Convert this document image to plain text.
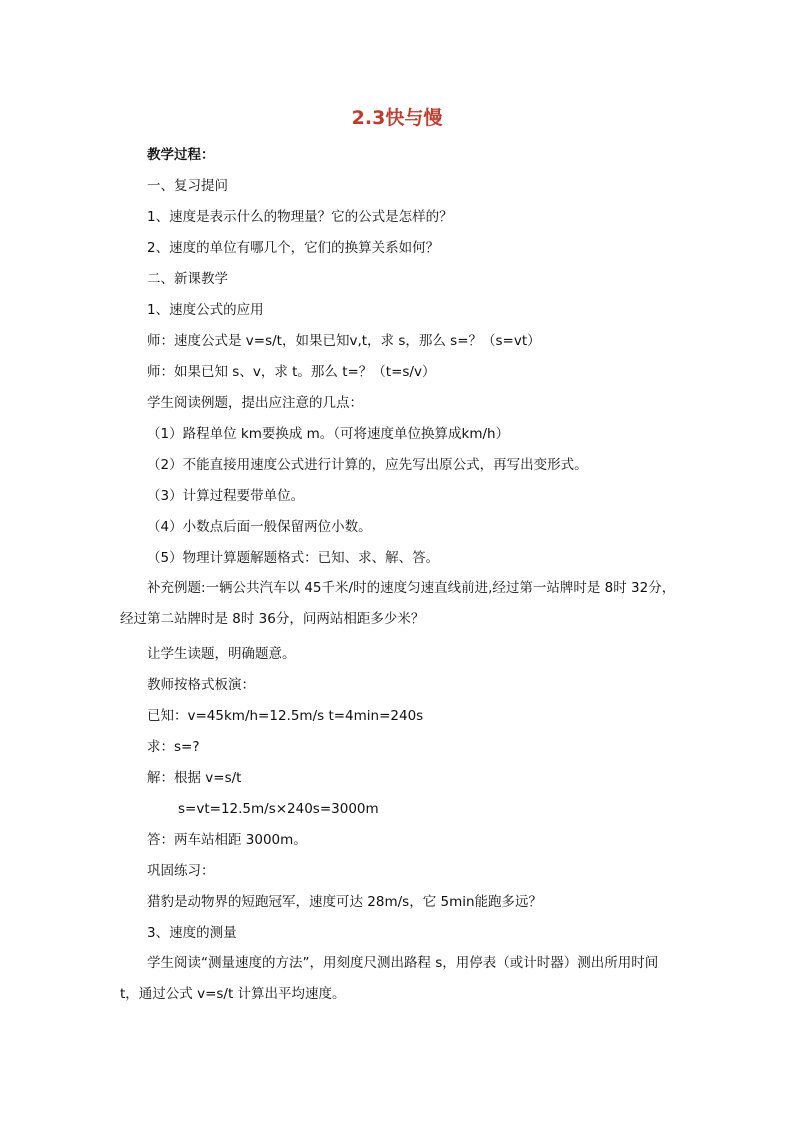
2.3快与慢
教学过程：
一、复习提问
1、速度是表示什么的物理量？它的公式是怎样的？
2、速度的单位有哪几个，它们的换算关系如何？
二、新课教学
1、速度公式的应用
师：速度公式是 v=s/t，如果已知v,t，求 s，那么 s=？（s=vt）
师：如果已知 s、v，求 t。那么 t=？（t=s/v）
学生阅读例题，提出应注意的几点：
（1）路程单位 km要换成 m。（可将速度单位换算成km/h）
（2）不能直接用速度公式进行计算的，应先写出原公式，再写出变形式。
（3）计算过程要带单位。
（4）小数点后面一般保留两位小数。
（5）物理计算题解题格式：已知、求、解、答。
补充例题:一辆公共汽车以 45千米/时的速度匀速直线前进,经过第一站牌时是 8时 32分，经过第二站牌时是 8时 36分，问两站相距多少米？
让学生读题，明确题意。
教师按格式板演：
已知：v=45km/h=12.5m/s t=4min=240s
求：s=?
解：根据 v=s/t
s=vt=12.5m/s×240s=3000m
答：两车站相距 3000m。
巩固练习：
猎豹是动物界的短跑冠军，速度可达 28m/s，它 5min能跑多远？
3、速度的测量
学生阅读“测量速度的方法”，用刻度尺测出路程 s，用停表（或计时器）测出所用时间 t，通过公式 v=s/t 计算出平均速度。
